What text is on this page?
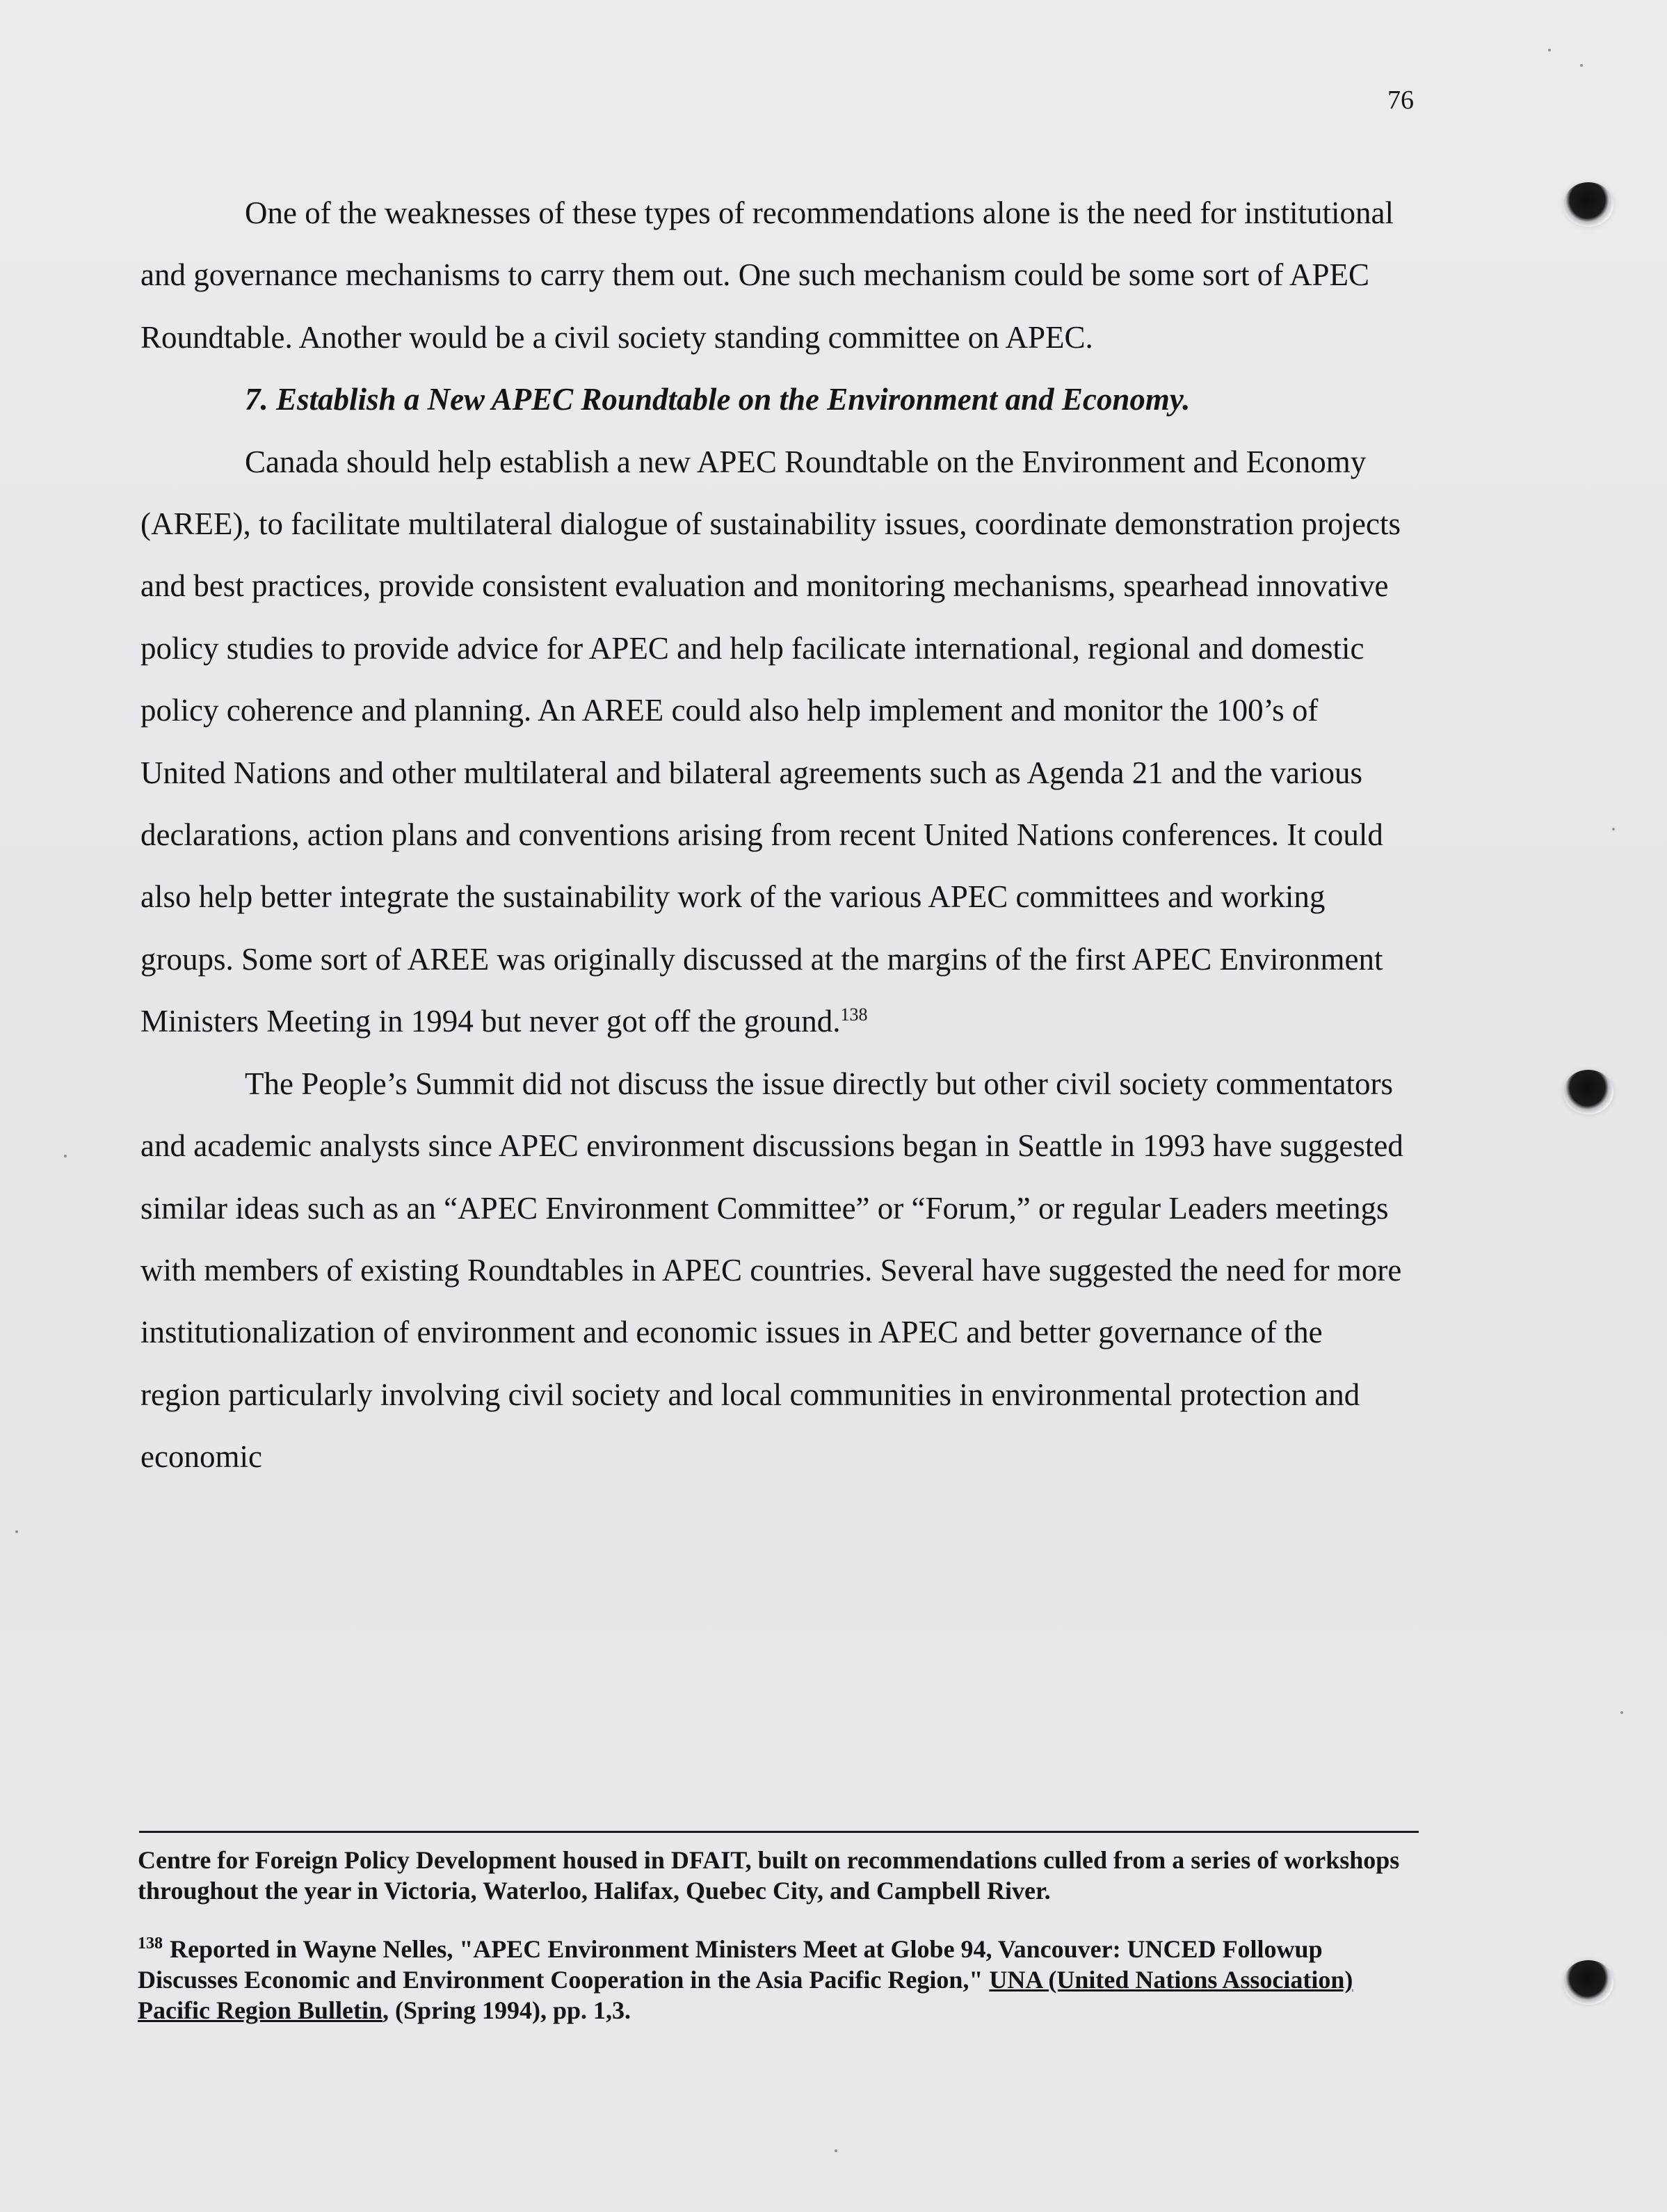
76

One of the weaknesses of these types of recommendations alone is the need for institutional and governance mechanisms to carry them out. One such mechanism could be some sort of APEC Roundtable. Another would be a civil society standing committee on APEC.

7. Establish a New APEC Roundtable on the Environment and Economy.

Canada should help establish a new APEC Roundtable on the Environment and Economy (AREE), to facilitate multilateral dialogue of sustainability issues, coordinate demonstration projects and best practices, provide consistent evaluation and monitoring mechanisms, spearhead innovative policy studies to provide advice for APEC and help facilicate international, regional and domestic policy coherence and planning. An AREE could also help implement and monitor the 100’s of United Nations and other multilateral and bilateral agreements such as Agenda 21 and the various declarations, action plans and conventions arising from recent United Nations conferences. It could also help better integrate the sustainability work of the various APEC committees and working groups. Some sort of AREE was originally discussed at the margins of the first APEC Environment Ministers Meeting in 1994 but never got off the ground.$^{138}$

The People’s Summit did not discuss the issue directly but other civil society commentators and academic analysts since APEC environment discussions began in Seattle in 1993 have suggested similar ideas such as an “APEC Environment Committee” or “Forum,” or regular Leaders meetings with members of existing Roundtables in APEC countries. Several have suggested the need for more institutionalization of environment and economic issues in APEC and better governance of the region particularly involving civil society and local communities in environmental protection and economic

Centre for Foreign Policy Development housed in DFAIT, built on recommendations culled from a series of workshops throughout the year in Victoria, Waterloo, Halifax, Quebec City, and Campbell River.

$^{138}$ Reported in Wayne Nelles, "APEC Environment Ministers Meet at Globe 94, Vancouver: UNCED Followup Discusses Economic and Environment Cooperation in the Asia Pacific Region," UNA (United Nations Association) Pacific Region Bulletin, (Spring 1994), pp. 1,3.
